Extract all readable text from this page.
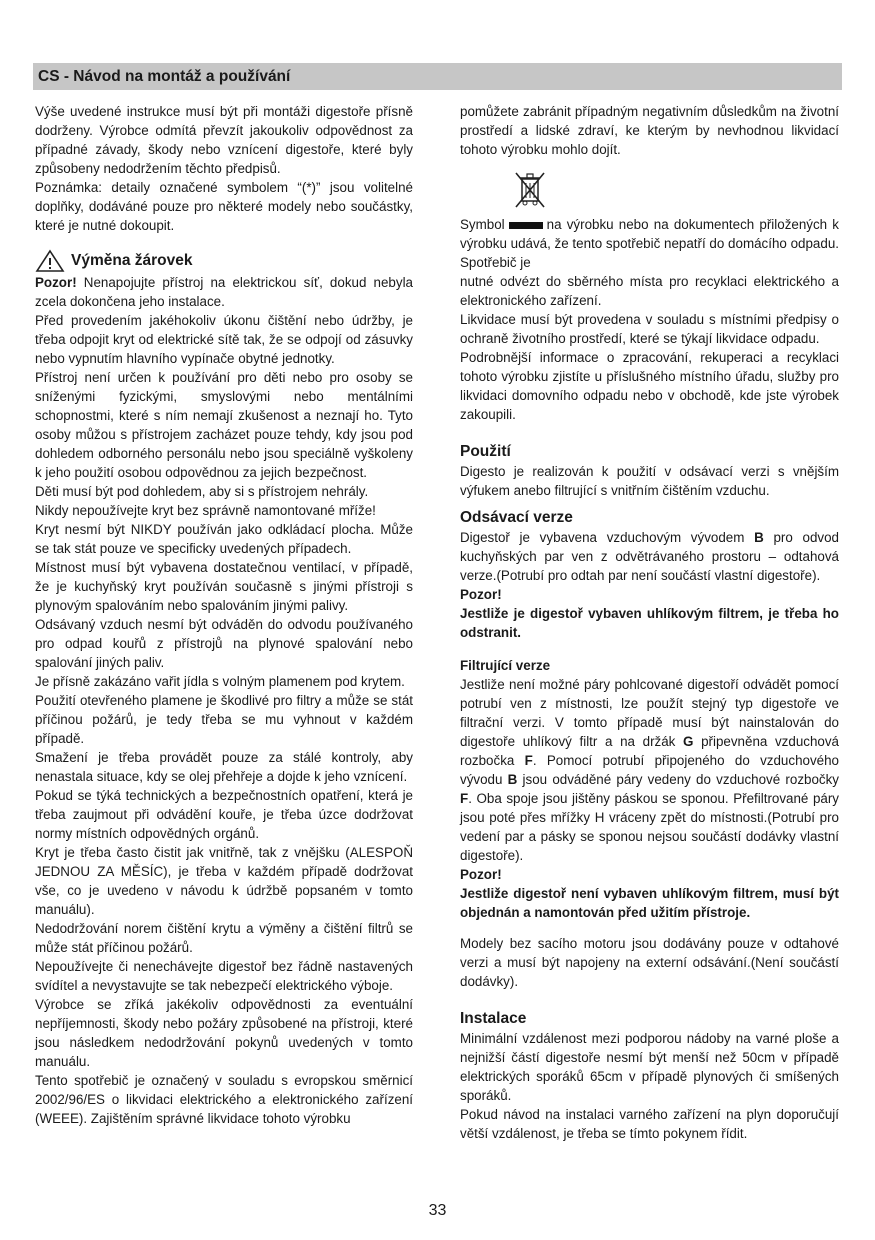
CS - Návod na montáž a používání

Výše uvedené instrukce musí být při montáži digestoře přísně dodrženy. Výrobce odmítá převzít jakoukoliv odpovědnost za případné závady, škody nebo vznícení digestoře, které byly způsobeny nedodržením těchto předpisů.

Poznámka: detaily označené symbolem “(*)” jsou volitelné doplňky, dodáváné pouze pro některé modely nebo součástky, které je nutné dokoupit.

Výměna žárovek

Pozor! Nenapojujte přístroj na elektrickou síť, dokud nebyla zcela dokončena jeho instalace.

Před provedením jakéhokoliv úkonu čištění nebo údržby, je třeba odpojit kryt od elektrické sítě tak, že se odpojí od zásuvky nebo vypnutím hlavního vypínače obytné jednotky.

Přístroj není určen k používání pro děti nebo pro osoby se sníženými fyzickými, smyslovými nebo mentálními schopnostmi, které s ním nemají zkušenost a neznají ho. Tyto osoby můžou s přístrojem zacházet pouze tehdy, kdy jsou pod dohledem odborného personálu nebo jsou speciálně vyškoleny k jeho použití osobou odpovědnou za jejich bezpečnost.

Děti musí být pod dohledem, aby si s přístrojem nehrály.

Nikdy nepoužívejte kryt bez správně namontované mříže!

Kryt nesmí být NIKDY používán jako odkládací plocha. Může se tak stát pouze ve specificky uvedených případech.

Místnost musí být vybavena dostatečnou ventilací, v případě, že je kuchyňský kryt používán současně s jinými přístroji s plynovým spalováním nebo spalováním jinými palivy.

Odsávaný vzduch nesmí být odváděn do odvodu používaného pro odpad kouřů z přístrojů na plynové spalování nebo spalování jiných paliv.

Je přísně zakázáno vařit jídla s volným plamenem pod krytem.

Použití otevřeného plamene je škodlivé pro filtry a může se stát příčinou požárů, je tedy třeba se mu vyhnout v každém případě.

Smažení je třeba provádět pouze za stálé kontroly, aby nenastala situace, kdy se olej přehřeje a dojde k jeho vznícení.

Pokud se týká technických a bezpečnostních opatření, která je třeba zaujmout při odvádění kouře, je třeba úzce dodržovat normy místních odpovědných orgánů.

Kryt je třeba často čistit jak vnitřně, tak z vnějšku (ALESPOŇ JEDNOU ZA MĚSÍC), je třeba v každém případě dodržovat vše, co je uvedeno v návodu k údržbě popsaném v tomto manuálu).

Nedodržování norem čištění krytu a výměny a čištění filtrů se může stát příčinou požárů.

Nepoužívejte či nenechávejte digestoř bez řádně nastavených svídítel a nevystavujte se tak nebezpečí elektrického výboje.

Výrobce se zříká jakékoliv odpovědnosti za eventuální nepříjemnosti, škody nebo požáry způsobené na přístroji, které jsou následkem nedodržování pokynů uvedených v tomto manuálu.

Tento spotřebič je označený v souladu s evropskou směrnicí 2002/96/ES o likvidaci elektrického a elektronického zařízení (WEEE). Zajištěním správné likvidace tohoto výrobku

pomůžete zabránit případným negativním důsledkům na životní prostředí a lidské zdraví, ke kterým by nevhodnou likvidací tohoto výrobku mohlo dojít.

Symbol	na výrobku nebo na dokumentech přiložených k výrobku udává, že tento spotřebič nepatří do domácího odpadu. Spotřebič je

nutné odvézt do sběrného místa pro recyklaci elektrického a elektronického zařízení.

Likvidace musí být provedena v souladu s místními předpisy o ochraně životního prostředí, které se týkají likvidace odpadu.

Podrobnější informace o zpracování, rekuperaci a recyklaci tohoto výrobku zjistíte u příslušného místního úřadu, služby pro likvidaci domovního odpadu nebo v obchodě, kde jste výrobek zakoupili.

Použití

Digesto je realizován k použití v odsávací verzi s vnějším výfukem anebo filtrující s vnitřním čištěním vzduchu.

Odsávací verze

Digestoř je vybavena vzduchovým vývodem B pro odvod kuchyňských par ven z odvětrávaného prostoru – odtahová verze.(Potrubí pro odtah par není součástí vlastní digestoře).

Pozor!

Jestliže je digestoř vybaven uhlíkovým filtrem, je třeba ho odstranit.

Filtrující verze

Jestliže není možné páry pohlcované digestoří odvádět pomocí potrubí ven z místnosti, lze použít stejný typ digestoře ve filtrační verzi. V tomto případě musí být nainstalován do digestoře uhlíkový filtr a na držák G připevněna vzduchová rozbočka F. Pomocí potrubí připojeného do vzduchového vývodu B jsou odváděné páry vedeny do vzduchové rozbočky F. Oba spoje jsou jištěny páskou se sponou. Přefiltrované páry jsou poté přes mřížky H vráceny zpět do místnosti.(Potrubí pro vedení par a pásky se sponou nejsou součástí dodávky vlastní digestoře).

Pozor!

Jestliže digestoř není vybaven uhlíkovým filtrem, musí být objednán a namontován před užitím přístroje.

Modely bez sacího motoru jsou dodávány pouze v odtahové verzi a musí být napojeny na externí odsávání.(Není součástí dodávky).

Instalace

Minimální vzdálenost mezi podporou nádoby na varné ploše a nejnižší částí digestoře nesmí být menší než 50cm v případě elektrických sporáků 65cm v případě plynových či smíšených sporáků.

Pokud návod na instalaci varného zařízení na plyn doporučují větší vzdálenost, je třeba se tímto pokynem řídit.

33
